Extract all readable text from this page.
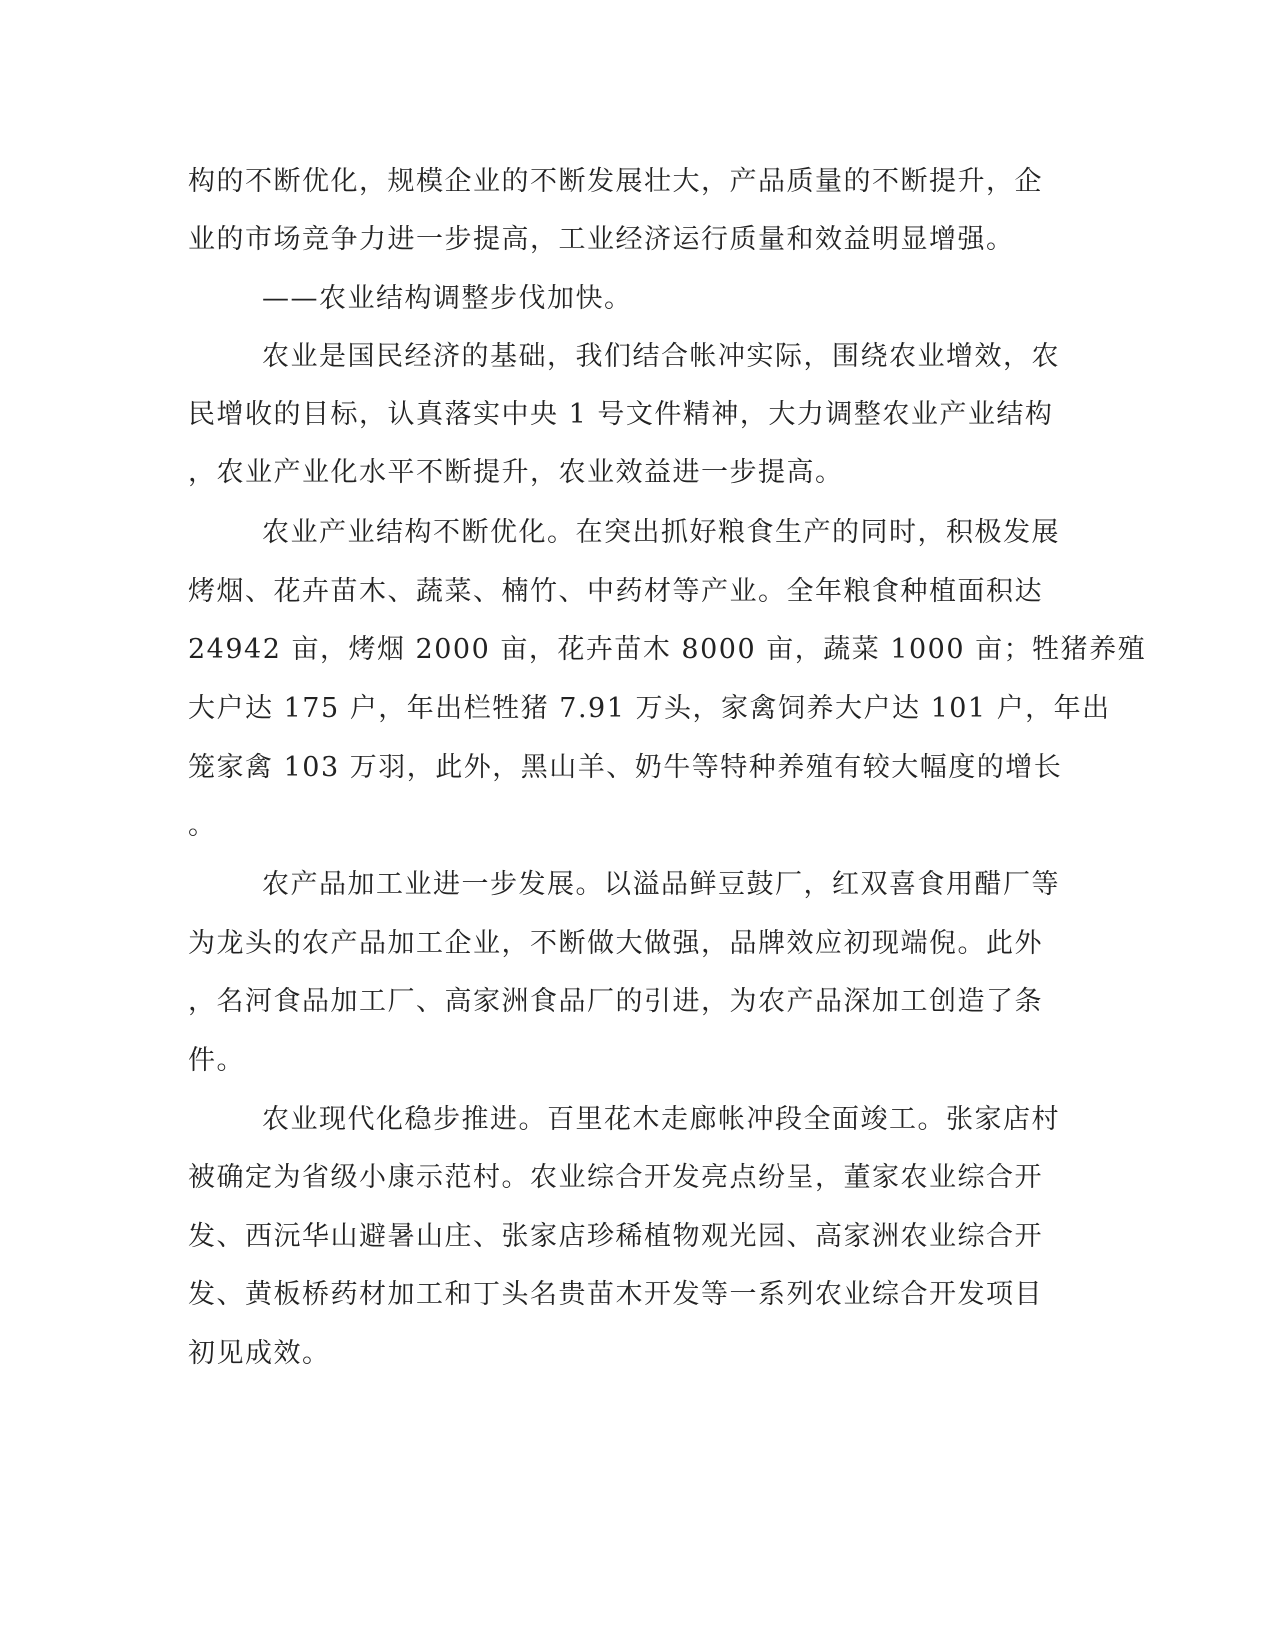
构的不断优化，规模企业的不断发展壮大，产品质量的不断提升，企
业的市场竞争力进一步提高，工业经济运行质量和效益明显增强。
——农业结构调整步伐加快。
农业是国民经济的基础，我们结合帐冲实际，围绕农业增效，农
民增收的目标，认真落实中央 1 号文件精神，大力调整农业产业结构
，农业产业化水平不断提升，农业效益进一步提高。
农业产业结构不断优化。在突出抓好粮食生产的同时，积极发展
烤烟、花卉苗木、蔬菜、楠竹、中药材等产业。全年粮食种植面积达
24942 亩，烤烟 2000 亩，花卉苗木 8000 亩，蔬菜 1000 亩；牲猪养殖
大户达 175 户，年出栏牲猪 7.91 万头，家禽饲养大户达 101 户，年出
笼家禽 103 万羽，此外，黑山羊、奶牛等特种养殖有较大幅度的增长
。
农产品加工业进一步发展。以溢品鲜豆鼓厂，红双喜食用醋厂等
为龙头的农产品加工企业，不断做大做强，品牌效应初现端倪。此外
，名河食品加工厂、高家洲食品厂的引进，为农产品深加工创造了条
件。
农业现代化稳步推进。百里花木走廊帐冲段全面竣工。张家店村
被确定为省级小康示范村。农业综合开发亮点纷呈，董家农业综合开
发、西沅华山避暑山庄、张家店珍稀植物观光园、高家洲农业综合开
发、黄板桥药材加工和丁头名贵苗木开发等一系列农业综合开发项目
初见成效。
